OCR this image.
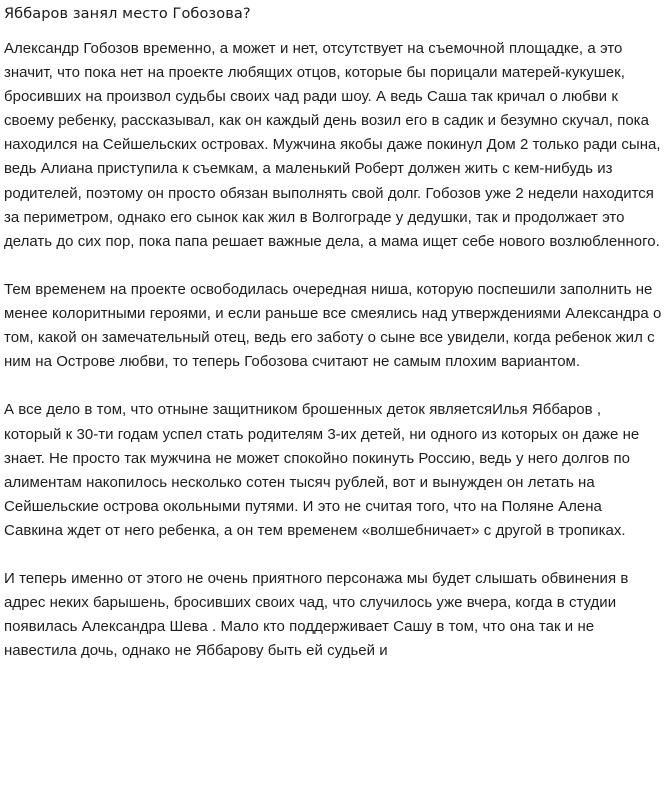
Яббаров занял место Гобозова?

Александр Гобозов временно, а может и нет, отсутствует на съемочной площадке, а это значит, что пока нет на проекте любящих отцов, которые бы порицали матерей-кукушек, бросивших на произвол судьбы своих чад ради шоу. А ведь Саша так кричал о любви к своему ребенку, рассказывал, как он каждый день возил его в садик и безумно скучал, пока находился на Сейшельских островах. Мужчина якобы даже покинул Дом 2 только ради сына, ведь Алиана приступила к съемкам, а маленький Роберт должен жить с кем-нибудь из родителей, поэтому он просто обязан выполнять свой долг. Гобозов уже 2 недели находится за периметром, однако его сынок как жил в Волгограде у дедушки, так и продолжает это делать до сих пор, пока папа решает важные дела, а мама ищет себе нового возлюбленного.

Тем временем на проекте освободилась очередная ниша, которую поспешили заполнить не менее колоритными героями, и если раньше все смеялись над утверждениями Александра о том, какой он замечательный отец, ведь его заботу о сыне все увидели, когда ребенок жил с ним на Острове любви, то теперь Гобозова считают не самым плохим вариантом.

А все дело в том, что отныне защитником брошенных деток являетсяИлья Яббаров , который к 30-ти годам успел стать родителям 3-их детей, ни одного из которых он даже не знает. Не просто так мужчина не может спокойно покинуть Россию, ведь у него долгов по алиментам накопилось несколько сотен тысяч рублей, вот и вынужден он летать на Сейшельские острова окольными путями. И это не считая того, что на Поляне Алена Савкина ждет от него ребенка, а он тем временем «волшебничает» с другой в тропиках.

И теперь именно от этого не очень приятного персонажа мы будет слышать обвинения в адрес неких барышень, бросивших своих чад, что случилось уже вчера, когда в студии появилась Александра Шева . Мало кто поддерживает Сашу в том, что она так и не навестила дочь, однако не Яббарову быть ей судьей и
